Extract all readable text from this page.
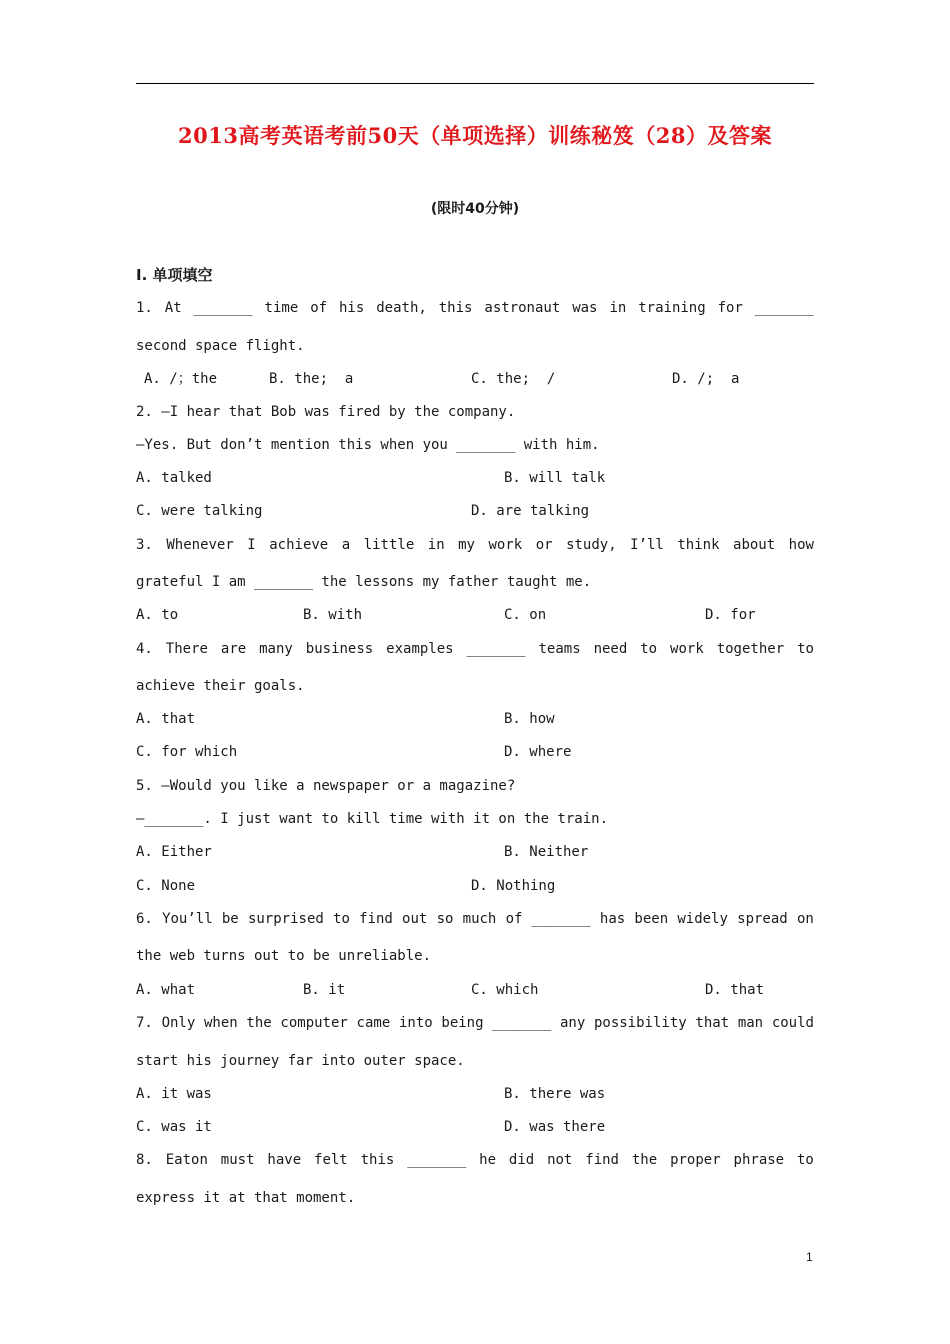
2013高考英语考前50天（单项选择）训练秘笈（28）及答案
(限时40分钟)
Ⅰ. 单项填空
1. At _______ time of his death, this astronaut was in training for _______
second space flight.
A. /；the	B. the;  a	C. the;  /	D. /;  a
2. —I hear that Bob was fired by the company.
—Yes. But don’t mention this when you _______ with him.
A. talked	B. will talk
C. were talking	D. are talking
3. Whenever I achieve a little in my work or study, I’ll think about how
grateful I am _______ the lessons my father taught me.
A. to	B. with	C. on	D. for
4. There are many business examples _______ teams need to work together to
achieve their goals.
A. that	B. how
C. for which	D. where
5. —Would you like a newspaper or a magazine?
—_______. I just want to kill time with it on the train.
A. Either	B. Neither
C. None	D. Nothing
6. You’ll be surprised to find out so much of _______ has been widely spread on
the web turns out to be unreliable.
A. what	B. it	C. which	D. that
7. Only when the computer came into being _______ any possibility that man could
start his journey far into outer space.
A. it was	B. there was
C. was it	D. was there
8. Eaton must have felt this _______ he did not find the proper phrase to
express it at that moment.
1
